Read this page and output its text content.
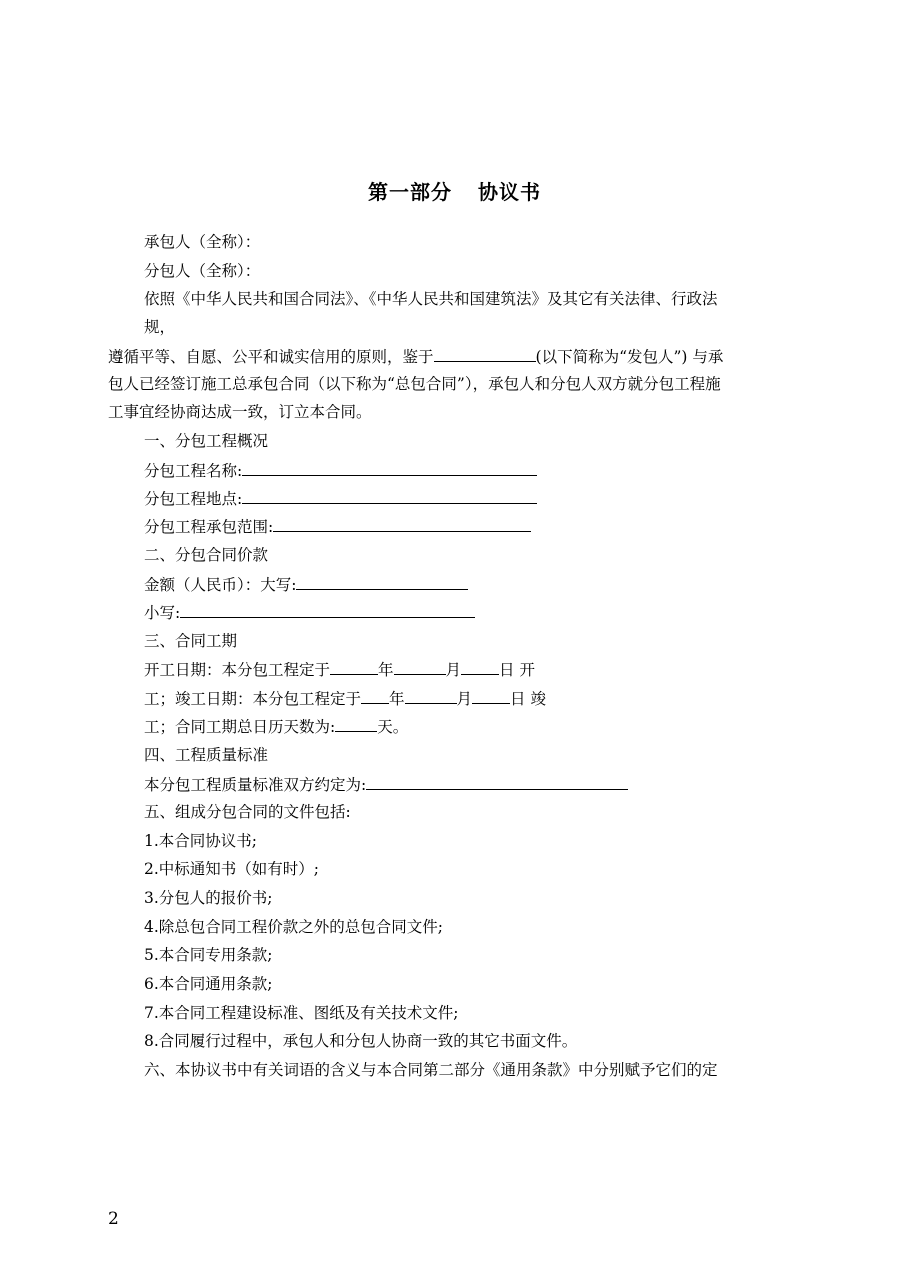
第一部分 协议书
承包人（全称）：
分包人（全称）：
依照《中华人民共和国合同法》、《中华人民共和国建筑法》及其它有关法律、行政法
规，
遵循平等、自愿、公平和诚实信用的原则，鉴于	(以下简称为“发包人”) 与承
包人已经签订施工总承包合同（以下称为“总包合同”），承包人和分包人双方就分包工程施
工事宜经协商达成一致，订立本合同。
一、分包工程概况
分包工程名称:
分包工程地点:
分包工程承包范围:
二、分包合同价款
金额（人民币）：大写:
小写:
三、合同工期
开工日期：本分包工程定于	年	月 日 开
工；竣工日期：本分包工程定于 年	月 日 竣
工；合同工期总日历天数为:	天。
四、工程质量标准
本分包工程质量标准双方约定为:
五、组成分包合同的文件包括:
1.本合同协议书;
2.中标通知书（如有时）;
3.分包人的报价书;
4.除总包合同工程价款之外的总包合同文件;
5.本合同专用条款;
6.本合同通用条款;
7.本合同工程建设标准、图纸及有关技术文件;
8.合同履行过程中，承包人和分包人协商一致的其它书面文件。
六、本协议书中有关词语的含义与本合同第二部分《通用条款》中分别赋予它们的定
2
